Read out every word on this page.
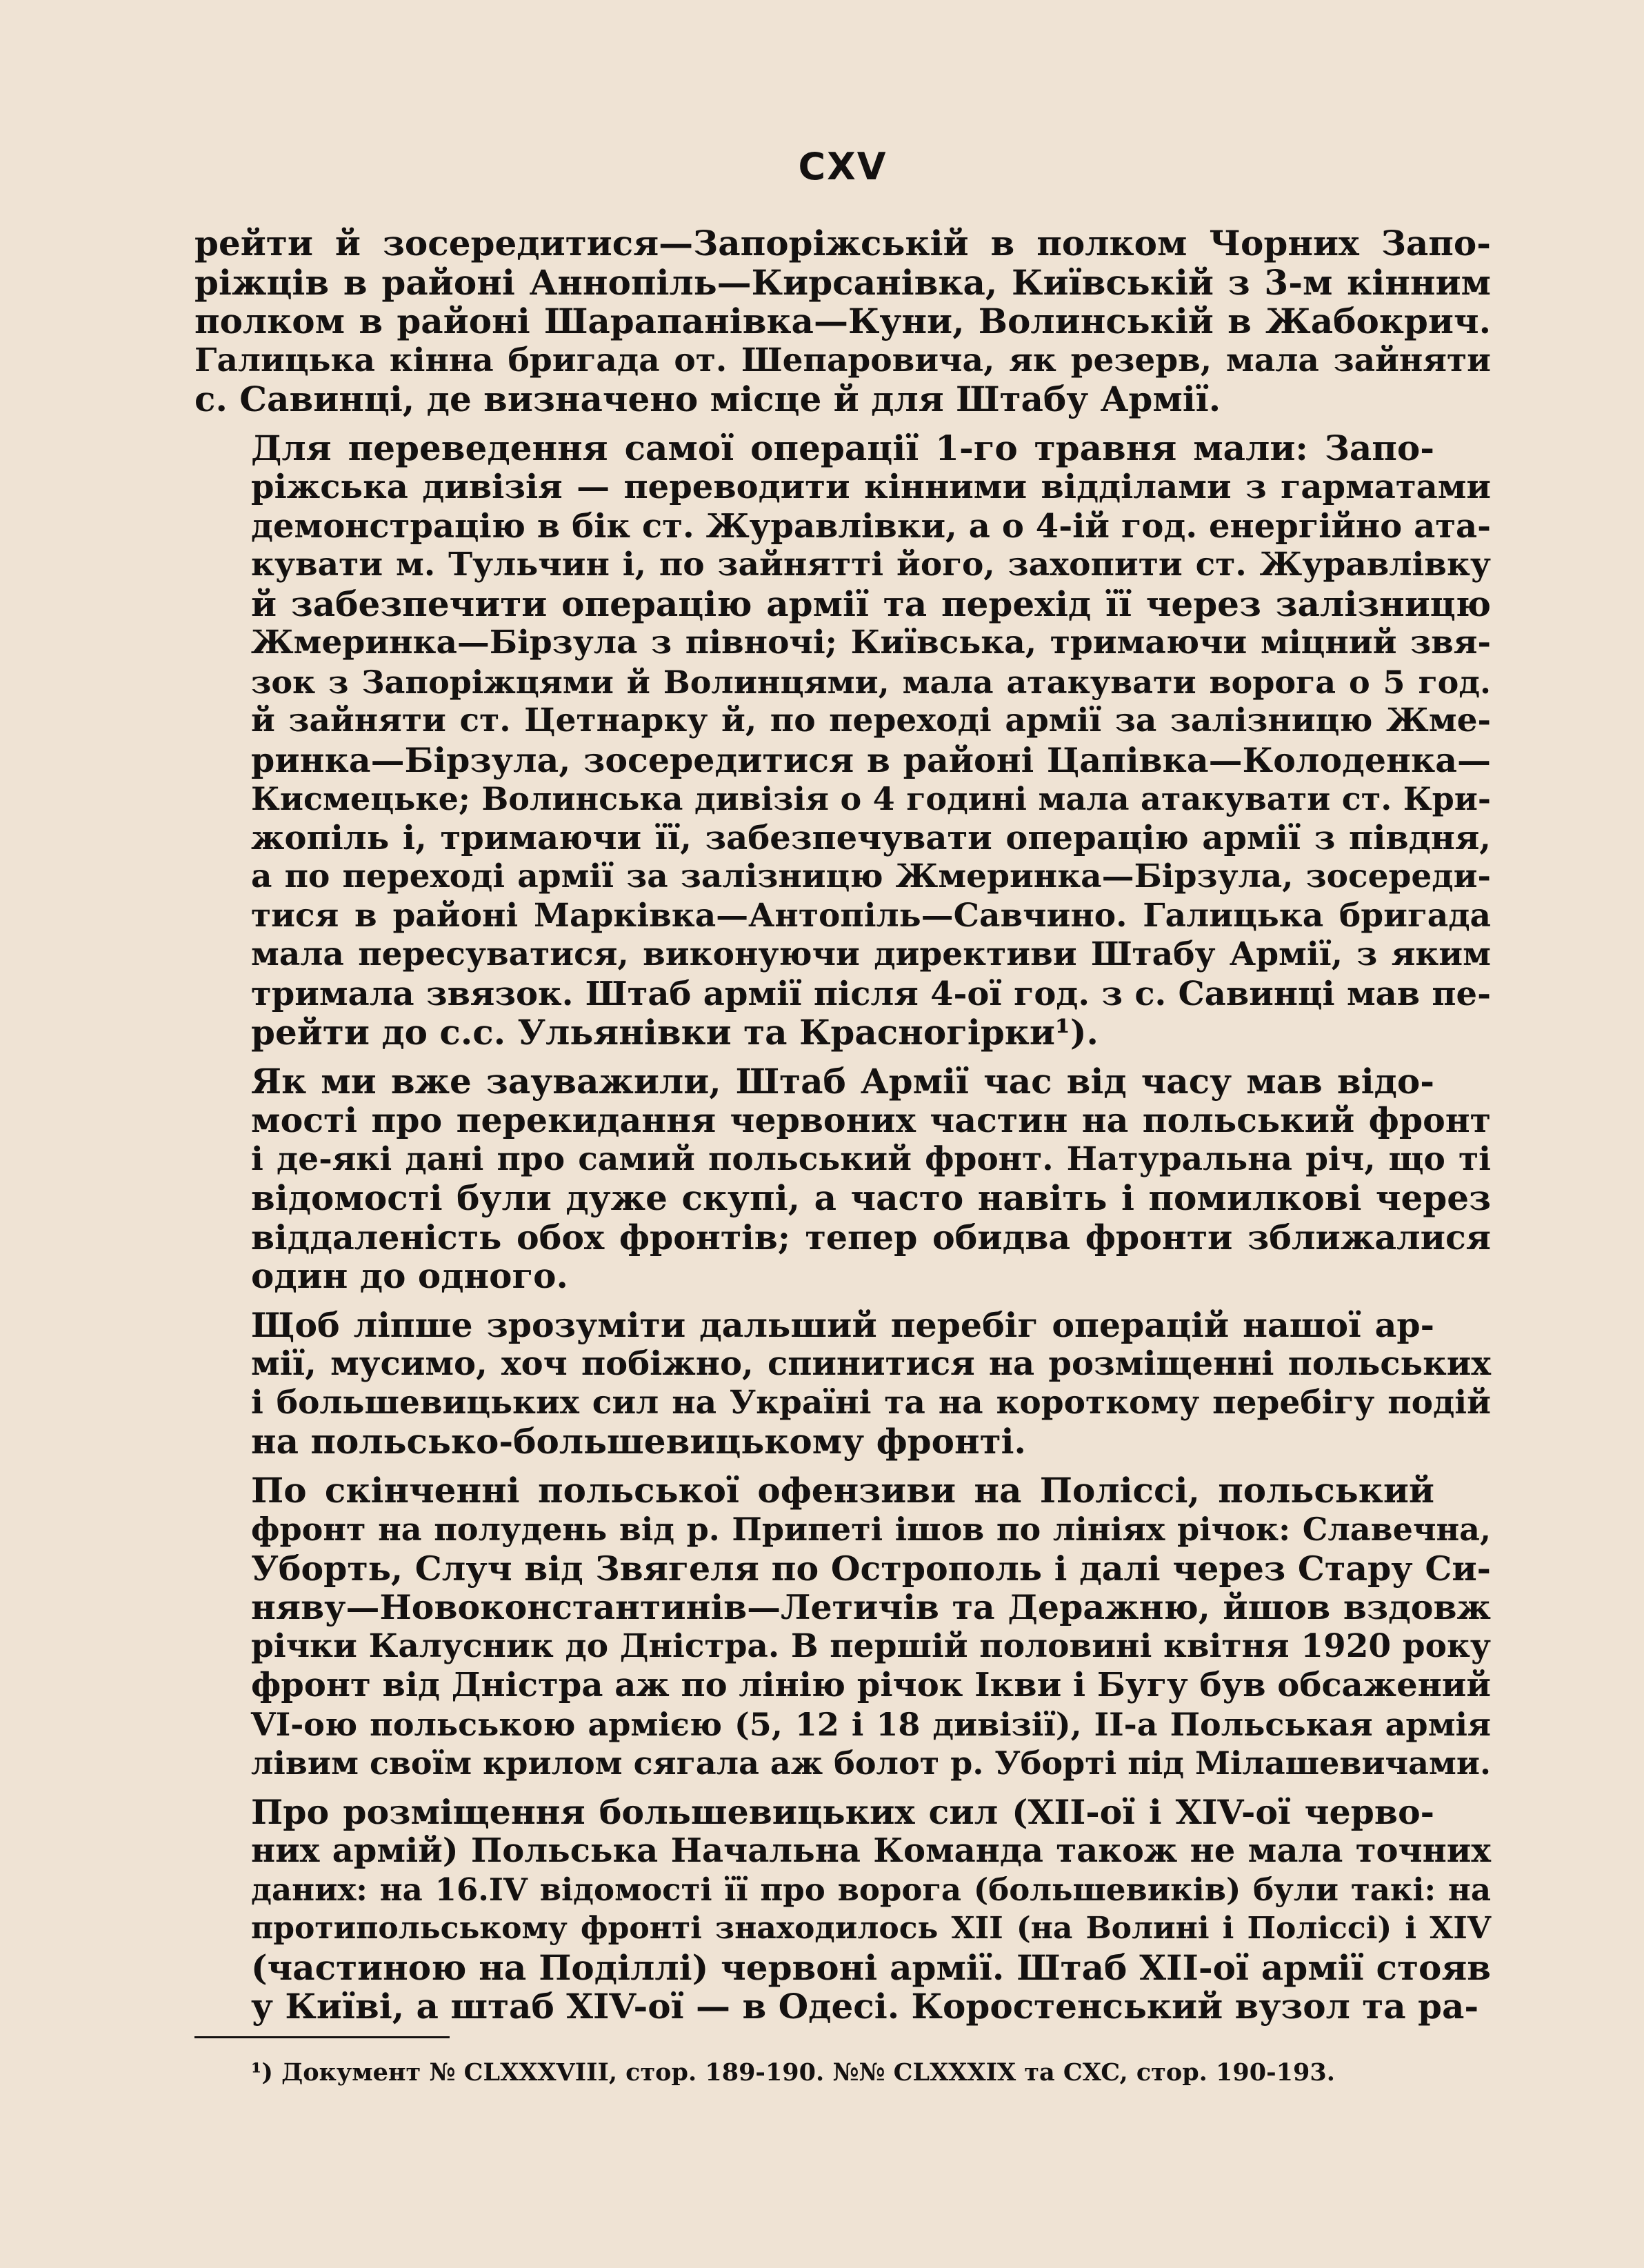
CXV
рейти й зосередитися—Запоріжській в полком Чорних Запо-
ріжців в районі Аннопіль—Кирсанівка, Київській з 3-м кінним
полком в районі Шарапанівка—Куни, Волинській в Жабокрич.
Галицька кінна бригада от. Шепаровича, як резерв, мала зайняти
с. Савинці, де визначено місце й для Штабу Армії.
Для переведення самої операції 1-го травня мали: Запо-
ріжська дивізія — переводити кінними відділами з гарматами
демонстрацію в бік ст. Журавлівки, а о 4-ій год. енергійно ата-
кувати м. Тульчин і, по зайнятті його, захопити ст. Журавлівку
й забезпечити операцію армії та перехід її через залізницю
Жмеринка—Бірзула з півночі; Київська, тримаючи міцний звя-
зок з Запоріжцями й Волинцями, мала атакувати ворога о 5 год.
й зайняти ст. Цетнарку й, по переході армії за залізницю Жме-
ринка—Бірзула, зосередитися в районі Цапівка—Колоденка—
Кисмецьке; Волинська дивізія о 4 годині мала атакувати ст. Кри-
жопіль і, тримаючи її, забезпечувати операцію армії з півдня,
а по переході армії за залізницю Жмеринка—Бірзула, зосереди-
тися в районі Марківка—Антопіль—Савчино. Галицька бригада
мала пересуватися, виконуючи директиви Штабу Армії, з яким
тримала звязок. Штаб армії після 4-ої год. з с. Савинці мав пе-
рейти до с.с. Ульянівки та Красногірки¹).
Як ми вже зауважили, Штаб Армії час від часу мав відо-
мості про перекидання червоних частин на польський фронт
і де-які дані про самий польський фронт. Натуральна річ, що ті
відомості були дуже скупі, а часто навіть і помилкові через
віддаленість обох фронтів; тепер обидва фронти зближалися
один до одного.
Щоб ліпше зрозуміти дальший перебіг операцій нашої ар-
мії, мусимо, хоч побіжно, спинитися на розміщенні польських
і большевицьких сил на Україні та на короткому перебігу подій
на польсько-большевицькому фронті.
По скінченні польської офензиви на Поліссі, польський
фронт на полудень від р. Припеті ішов по лініях річок: Славечна,
Уборть, Случ від Звягеля по Острополь і далі через Стару Си-
няву—Новоконстантинів—Летичів та Деражню, йшов вздовж
річки Калусник до Дністра. В першій половині квітня 1920 року
фронт від Дністра аж по лінію річок Ікви і Бугу був обсажений
VI-ою польською армією (5, 12 і 18 дивізії), ІІ-а Польськая армія
лівим своїм крилом сягала аж болот р. Уборті під Мілашевичами.
Про розміщення большевицьких сил (XII-ої і XIV-ої черво-
них армій) Польська Начальна Команда також не мала точних
даних: на 16.IV відомості її про ворога (большевиків) були такі: на
протипольському фронті знаходилось XII (на Волині і Поліссі) і XIV
(частиною на Поділлі) червоні армії. Штаб XII-ої армії стояв
у Київі, а штаб XIV-ої — в Одесі. Коростенський вузол та ра-
¹) Документ № CLXXXVIII, стор. 189-190. №№ CLXXXIX та CXC, стор. 190-193.
